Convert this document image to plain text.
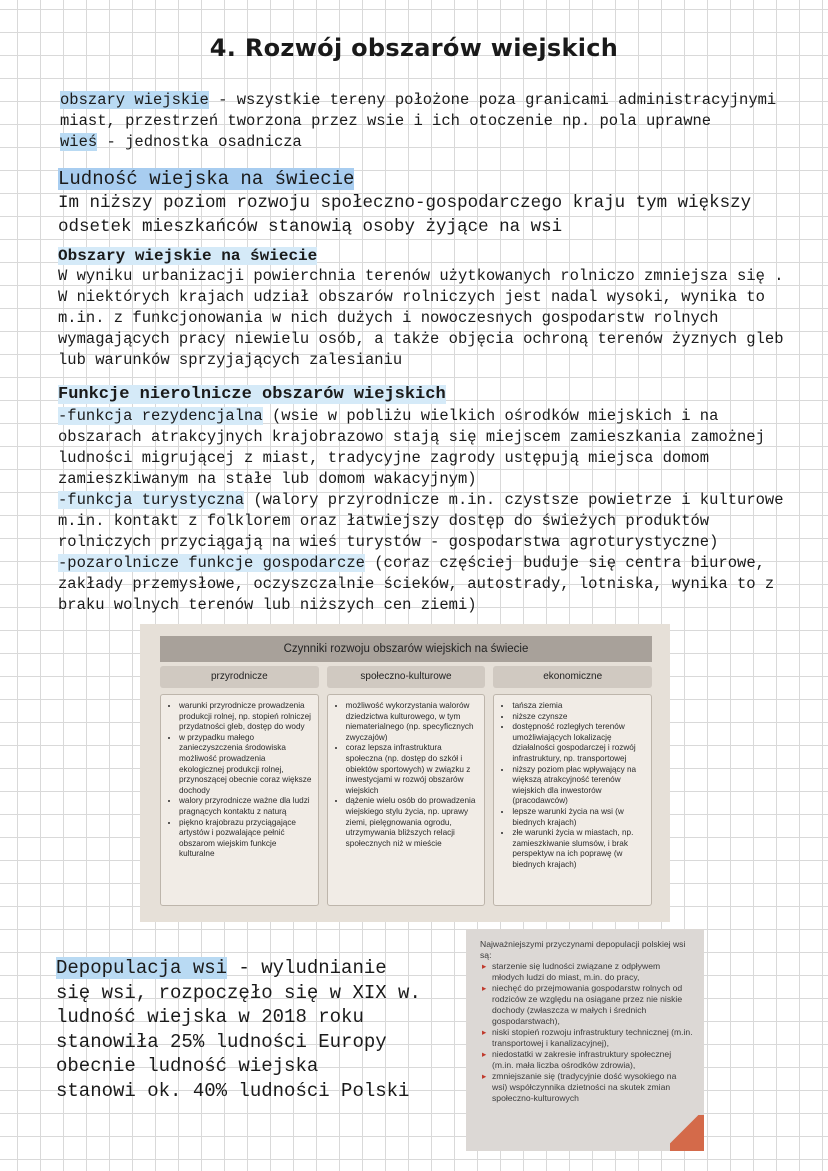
4. Rozwój obszarów wiejskich
obszary wiejskie - wszystkie tereny położone poza granicami administracyjnymi
miast, przestrzeń tworzona przez wsie i ich otoczenie np. pola uprawne
wieś - jednostka osadnicza
Ludność wiejska na świecie
Im niższy poziom rozwoju społeczno-gospodarczego kraju tym większy odsetek mieszkańców stanowią osoby żyjące na wsi
Obszary wiejskie na świecie
W wyniku urbanizacji powierchnia terenów użytkowanych rolniczo zmniejsza się . W niektórych krajach udział obszarów rolniczych jest nadal wysoki, wynika to m.in. z funkcjonowania w nich dużych i nowoczesnych gospodarstw rolnych wymagających pracy niewielu osób, a także objęcia ochroną terenów żyznych gleb lub warunków sprzyjających zalesianiu
Funkcje nierolnicze obszarów wiejskich
-funkcja rezydencjalna (wsie w pobliżu wielkich ośrodków miejskich i na obszarach atrakcyjnych krajobrazowo stają się miejscem zamieszkania zamożnej ludności migrującej z miast, tradycyjne zagrody ustępują miejsca domom zamieszkiwanym na stałe lub domom wakacyjnym)
-funkcja turystyczna (walory przyrodnicze m.in. czystsze powietrze i kulturowe m.in. kontakt z folklorem oraz łatwiejszy dostęp do świeżych produktów rolniczych przyciągają na wieś turystów - gospodarstwa agroturystyczne)
-pozarolnicze funkcje gospodarcze (coraz częściej buduje się centra biurowe, zakłady przemysłowe, oczyszczalnie ścieków, autostrady, lotniska, wynika to z braku wolnych terenów lub niższych cen ziemi)
Czynniki rozwoju obszarów wiejskich na świecie
przyrodnicze
• warunki przyrodnicze prowadzenia produkcji rolnej, np. stopień rolniczej przydatności gleb, dostęp do wody
• w przypadku małego zanieczyszczenia środowiska możliwość prowadzenia ekologicznej produkcji rolnej, przynoszącej obecnie coraz większe dochody
• walory przyrodnicze ważne dla ludzi pragnących kontaktu z naturą
• piękno krajobrazu przyciągające artystów i pozwalające pełnić obszarom wiejskim funkcje kulturalne
społeczno-kulturowe
• możliwość wykorzystania walorów dziedzictwa kulturowego, w tym niematerialnego (np. specyficznych zwyczajów)
• coraz lepsza infrastruktura społeczna (np. dostęp do szkół i obiektów sportowych) w związku z inwestycjami w rozwój obszarów wiejskich
• dążenie wielu osób do prowadzenia wiejskiego stylu życia, np. uprawy ziemi, pielęgnowania ogrodu, utrzymywania bliższych relacji społecznych niż w mieście
ekonomiczne
• tańsza ziemia
• niższe czynsze
• dostępność rozległych terenów umożliwiających lokalizację działalności gospodarczej i rozwój infrastruktury, np. transportowej
• niższy poziom płac wpływający na większą atrakcyjność terenów wiejskich dla inwestorów (pracodawców)
• lepsze warunki życia na wsi (w biednych krajach)
• złe warunki życia w miastach, np. zamieszkiwanie slumsów, i brak perspektyw na ich poprawę (w biednych krajach)
Depopulacja wsi - wyludnianie
się wsi, rozpoczęło się w XIX w.
ludność wiejska w 2018 roku
stanowiła 25% ludności Europy
obecnie ludność wiejska
stanowi ok. 40% ludności Polski
Najważniejszymi przyczynami depopulacji polskiej wsi są:
▸ starzenie się ludności związane z odpływem młodych ludzi do miast, m.in. do pracy,
▸ niechęć do przejmowania gospodarstw rolnych od rodziców ze względu na osiągane przez nie niskie dochody (zwłaszcza w małych i średnich gospodarstwach),
▸ niski stopień rozwoju infrastruktury technicznej (m.in. transportowej i kanalizacyjnej),
▸ niedostatki w zakresie infrastruktury społecznej (m.in. mała liczba ośrodków zdrowia),
▸ zmniejszanie się (tradycyjnie dość wysokiego na wsi) współczynnika dzietności na skutek zmian społeczno-kulturowych
